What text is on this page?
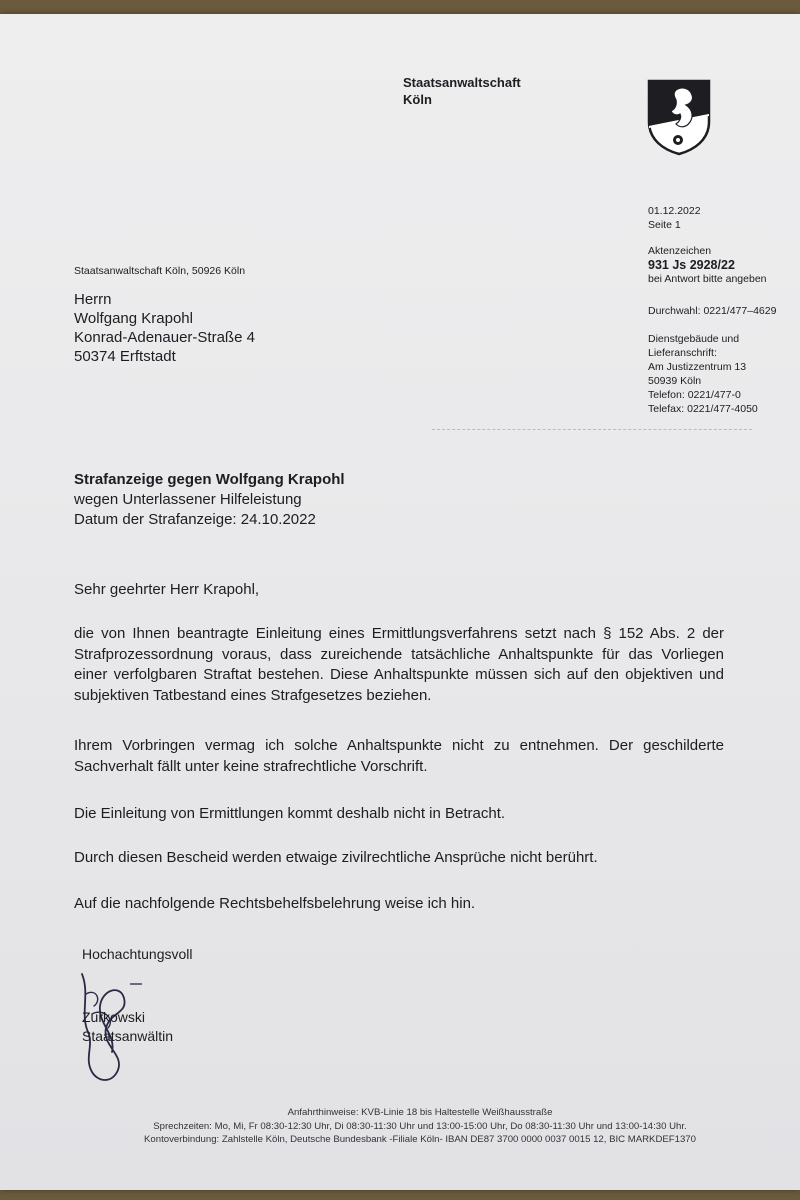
Staatsanwaltschaft
Köln
01.12.2022
Seite 1
Aktenzeichen
931 Js 2928/22
bei Antwort bitte angeben
Durchwahl: 0221/477–4629
Dienstgebäude und
Lieferanschrift:
Am Justizzentrum 13
50939 Köln
Telefon: 0221/477-0
Telefax: 0221/477-4050
Staatsanwaltschaft Köln, 50926 Köln
Herrn
Wolfgang Krapohl
Konrad-Adenauer-Straße 4
50374 Erftstadt
Strafanzeige gegen Wolfgang Krapohl
wegen Unterlassener Hilfeleistung
Datum der Strafanzeige: 24.10.2022
Sehr geehrter Herr Krapohl,
die von Ihnen beantragte Einleitung eines Ermittlungsverfahrens setzt nach § 152 Abs. 2 der Strafprozessordnung voraus, dass zureichende tatsächliche Anhaltspunkte für das Vorliegen einer verfolgbaren Straftat bestehen. Diese Anhaltspunkte müssen sich auf den objektiven und subjektiven Tatbestand eines Strafgesetzes beziehen.
Ihrem Vorbringen vermag ich solche Anhaltspunkte nicht zu entnehmen. Der geschilderte Sachverhalt fällt unter keine strafrechtliche Vorschrift.
Die Einleitung von Ermittlungen kommt deshalb nicht in Betracht.
Durch diesen Bescheid werden etwaige zivilrechtliche Ansprüche nicht berührt.
Auf die nachfolgende Rechtsbehelfsbelehrung weise ich hin.
Hochachtungsvoll
Zurkowski
Staatsanwältin
Anfahrthinweise: KVB-Linie 18 bis Haltestelle Weißhausstraße
Sprechzeiten: Mo, Mi, Fr 08:30-12:30 Uhr, Di 08:30-11:30 Uhr und 13:00-15:00 Uhr, Do 08:30-11:30 Uhr und 13:00-14:30 Uhr.
Kontoverbindung: Zahlstelle Köln, Deutsche Bundesbank -Filiale Köln- IBAN DE87 3700 0000 0037 0015 12, BIC MARKDEF1370
